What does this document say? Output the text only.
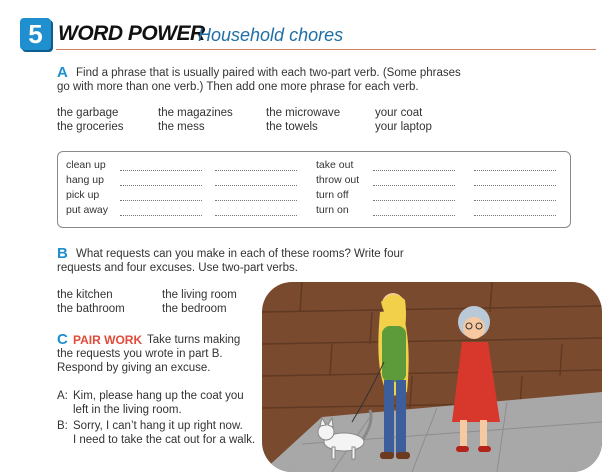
5 WORD POWER
Household chores
A Find a phrase that is usually paired with each two-part verb. (Some phrases
go with more than one verb.) Then add one more phrase for each verb.
the garbage
the groceries
the magazines
the mess
the microwave
the towels
your coat
your laptop
clean up
hang up
pick up
put away
take out
throw out
turn off
turn on
B What requests can you make in each of these rooms? Write four
requests and four excuses. Use two-part verbs.
the kitchen
the bathroom
the living room
the bedroom
C PAIR WORK Take turns making
the requests you wrote in part B.
Respond by giving an excuse.
A: Kim, please hang up the coat you
left in the living room.
B: Sorry, I can’t hang it up right now.
I need to take the cat out for a walk.
